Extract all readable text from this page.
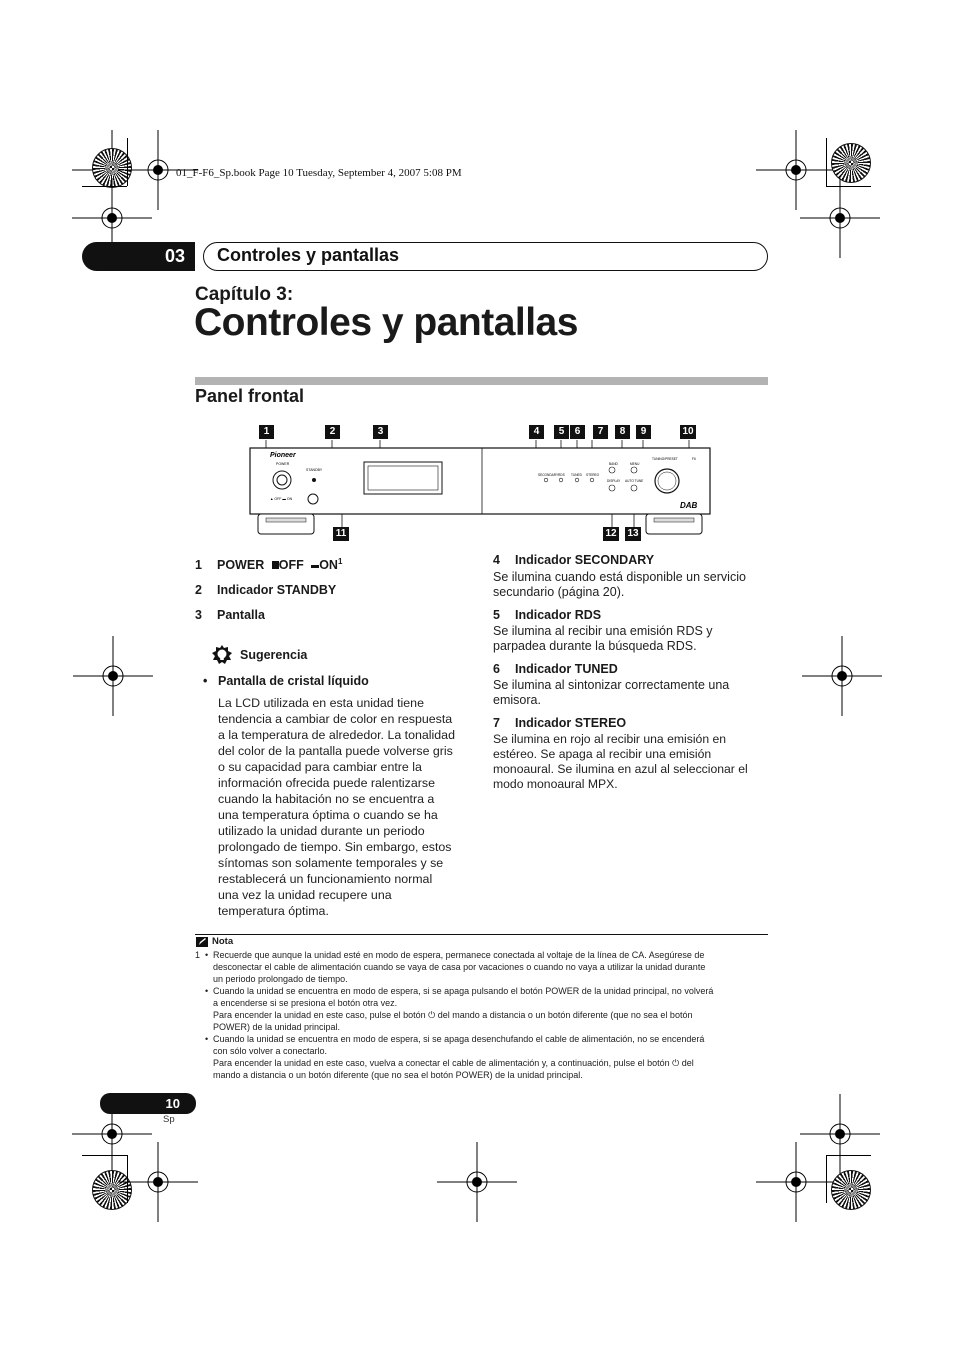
01_F-F6_Sp.book Page 10 Tuesday, September 4, 2007 5:08 PM
03	Controles y pantallas
Capítulo 3:
Controles y pantallas
Panel frontal
1	2	3	4	5	6	7	8	9	10
11	12 13
Pioneer
POWER
▲ OFF ▬ ON
STANDBY
SECONDARY RDS TUNED STEREO
BAND	MENU
DISPLAY AUTO TUNE
TUNING/PRESET	F6
DAB
1 POWER OFF $ON^1$
2 Indicador STANDBY
3 Pantalla
Sugerencia
• Pantalla de cristal líquido
La LCD utilizada en esta unidad tiene
tendencia a cambiar de color en respuesta
a la temperatura de alrededor. La tonalidad
del color de la pantalla puede volverse gris
o su capacidad para cambiar entre la
información ofrecida puede ralentizarse
cuando la habitación no se encuentra a
una temperatura óptima o cuando se ha
utilizado la unidad durante un periodo
prolongado de tiempo. Sin embargo, estos
síntomas son solamente temporales y se
restablecerá un funcionamiento normal
una vez la unidad recupere una
temperatura óptima.
4 Indicador SECONDARY
Se ilumina cuando está disponible un servicio
secundario (página 20).
5 Indicador RDS
Se ilumina al recibir una emisión RDS y
parpadea durante la búsqueda RDS.
6 Indicador TUNED
Se ilumina al sintonizar correctamente una
emisora.
7 Indicador STEREO
Se ilumina en rojo al recibir una emisión en
estéreo. Se apaga al recibir una emisión
monoaural. Se ilumina en azul al seleccionar el
modo monoaural MPX.
Nota
1 • Recuerde que aunque la unidad esté en modo de espera, permanece conectada al voltaje de la línea de CA. Asegúrese de
desconectar el cable de alimentación cuando se vaya de casa por vacaciones o cuando no vaya a utilizar la unidad durante
un periodo prolongado de tiempo.
• Cuando la unidad se encuentra en modo de espera, si se apaga pulsando el botón POWER de la unidad principal, no volverá
a encenderse si se presiona el botón otra vez.
Para encender la unidad en este caso, pulse el botón ⏻ del mando a distancia o un botón diferente (que no sea el botón
POWER) de la unidad principal.
• Cuando la unidad se encuentra en modo de espera, si se apaga desenchufando el cable de alimentación, no se encenderá
con sólo volver a conectarlo.
Para encender la unidad en este caso, vuelva a conectar el cable de alimentación y, a continuación, pulse el botón ⏻ del
mando a distancia o un botón diferente (que no sea el botón POWER) de la unidad principal.
10
Sp
